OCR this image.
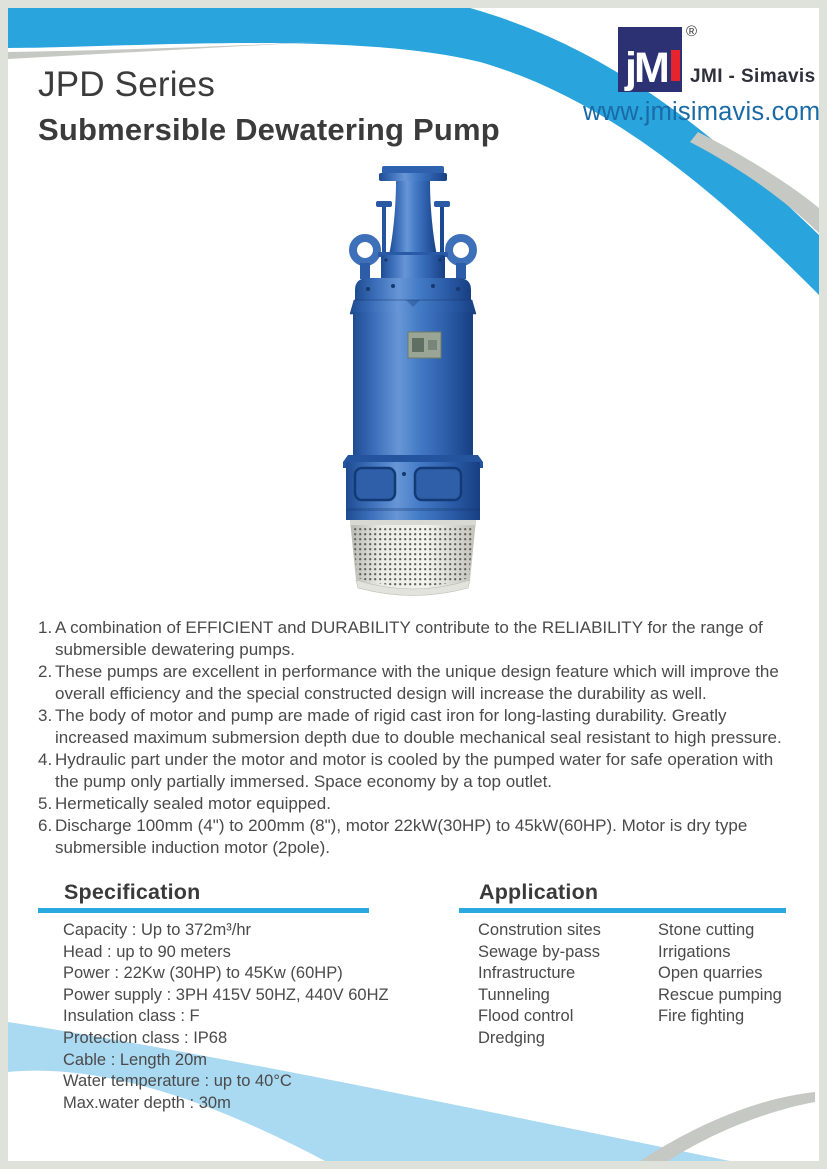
JPD Series
Submersible Dewatering Pump
jM
®
JMI - Simavis
www.jmisimavis.com
1. A combination of EFFICIENT and DURABILITY contribute to the RELIABILITY for the range of submersible dewatering pumps.
2. These pumps are excellent in performance with the unique design feature which will improve the overall efficiency and the special constructed design will increase the durability as well.
3. The body of motor and pump are made of rigid cast iron for long-lasting durability. Greatly increased maximum submersion depth due to double mechanical seal resistant to high pressure.
4. Hydraulic part under the motor and motor is cooled by the pumped water for safe operation with the pump only partially immersed. Space economy by a top outlet.
5. Hermetically sealed motor equipped.
6. Discharge 100mm (4") to 200mm (8"), motor 22kW(30HP) to 45kW(60HP). Motor is dry type submersible induction motor (2pole).
Specification
Capacity : Up to 372m³/hr
Head : up to 90 meters
Power : 22Kw (30HP) to 45Kw (60HP)
Power supply : 3PH 415V 50HZ, 440V 60HZ
Insulation class : F
Protection class : IP68
Cable : Length 20m
Water temperature : up to 40°C
Max.water depth : 30m
Application
Constrution sites
Sewage by-pass
Infrastructure
Tunneling
Flood control
Dredging
Stone cutting
Irrigations
Open quarries
Rescue pumping
Fire fighting
